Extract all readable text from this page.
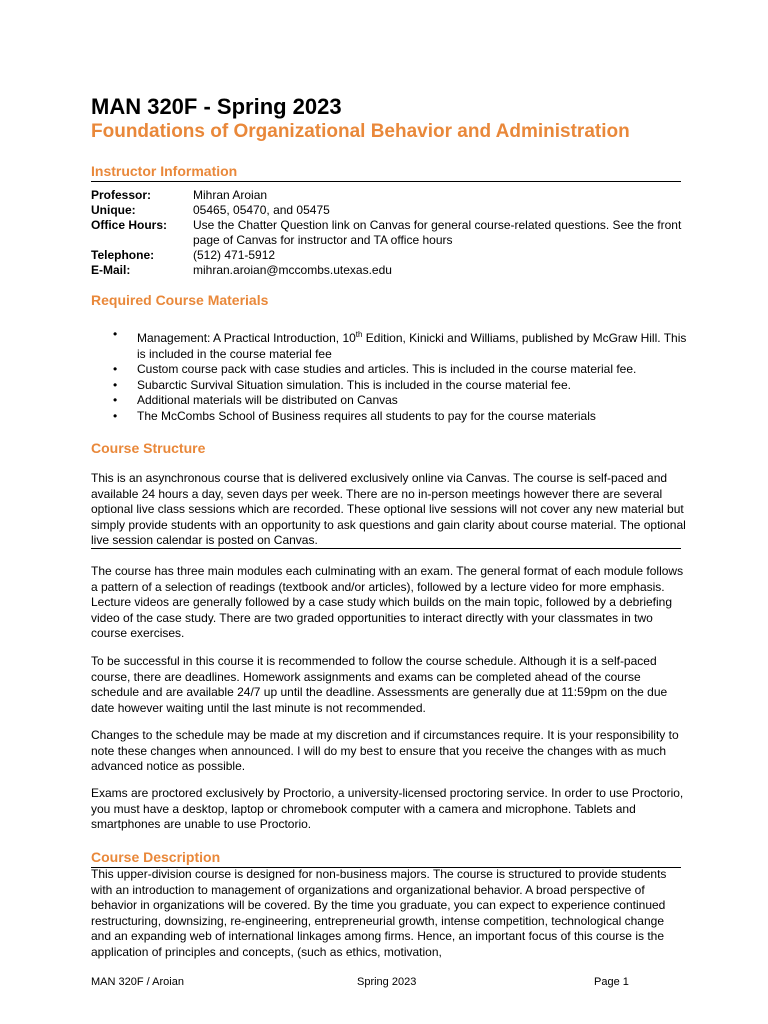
MAN 320F - Spring 2023
Foundations of Organizational Behavior and Administration
Instructor Information
Professor:	Mihran Aroian
Unique:	05465, 05470, and 05475
Office Hours: Use the Chatter Question link on Canvas for general course-related questions. See the front page of Canvas for instructor and TA office hours
Telephone:	(512) 471-5912
E-Mail:	mihran.aroian@mccombs.utexas.edu
Required Course Materials
• Management: A Practical Introduction, 10th Edition, Kinicki and Williams, published by McGraw Hill. This is included in the course material fee
• Custom course pack with case studies and articles. This is included in the course material fee.
• Subarctic Survival Situation simulation. This is included in the course material fee.
• Additional materials will be distributed on Canvas
• The McCombs School of Business requires all students to pay for the course materials
Course Structure

This is an asynchronous course that is delivered exclusively online via Canvas. The course is self-paced and available 24 hours a day, seven days per week. There are no in-person meetings however there are several optional live class sessions which are recorded. These optional live sessions will not cover any new material but simply provide students with an opportunity to ask questions and gain clarity about course material. The optional live session calendar is posted on Canvas.

The course has three main modules each culminating with an exam. The general format of each module follows a pattern of a selection of readings (textbook and/or articles), followed by a lecture video for more emphasis. Lecture videos are generally followed by a case study which builds on the main topic, followed by a debriefing video of the case study. There are two graded opportunities to interact directly with your classmates in two course exercises.

To be successful in this course it is recommended to follow the course schedule. Although it is a self-paced course, there are deadlines. Homework assignments and exams can be completed ahead of the course schedule and are available 24/7 up until the deadline. Assessments are generally due at 11:59pm on the due date however waiting until the last minute is not recommended.

Changes to the schedule may be made at my discretion and if circumstances require. It is your responsibility to note these changes when announced. I will do my best to ensure that you receive the changes with as much advanced notice as possible.

Exams are proctored exclusively by Proctorio, a university-licensed proctoring service. In order to use Proctorio, you must have a desktop, laptop or chromebook computer with a camera and microphone. Tablets and smartphones are unable to use Proctorio.

Course Description

This upper-division course is designed for non-business majors. The course is structured to provide students with an introduction to management of organizations and organizational behavior. A broad perspective of behavior in organizations will be covered. By the time you graduate, you can expect to experience continued restructuring, downsizing, re-engineering, entrepreneurial growth, intense competition, technological change and an expanding web of international linkages among firms. Hence, an important focus of this course is the application of principles and concepts, (such as ethics, motivation,

MAN 320F / Aroian	Spring 2023	Page 1
